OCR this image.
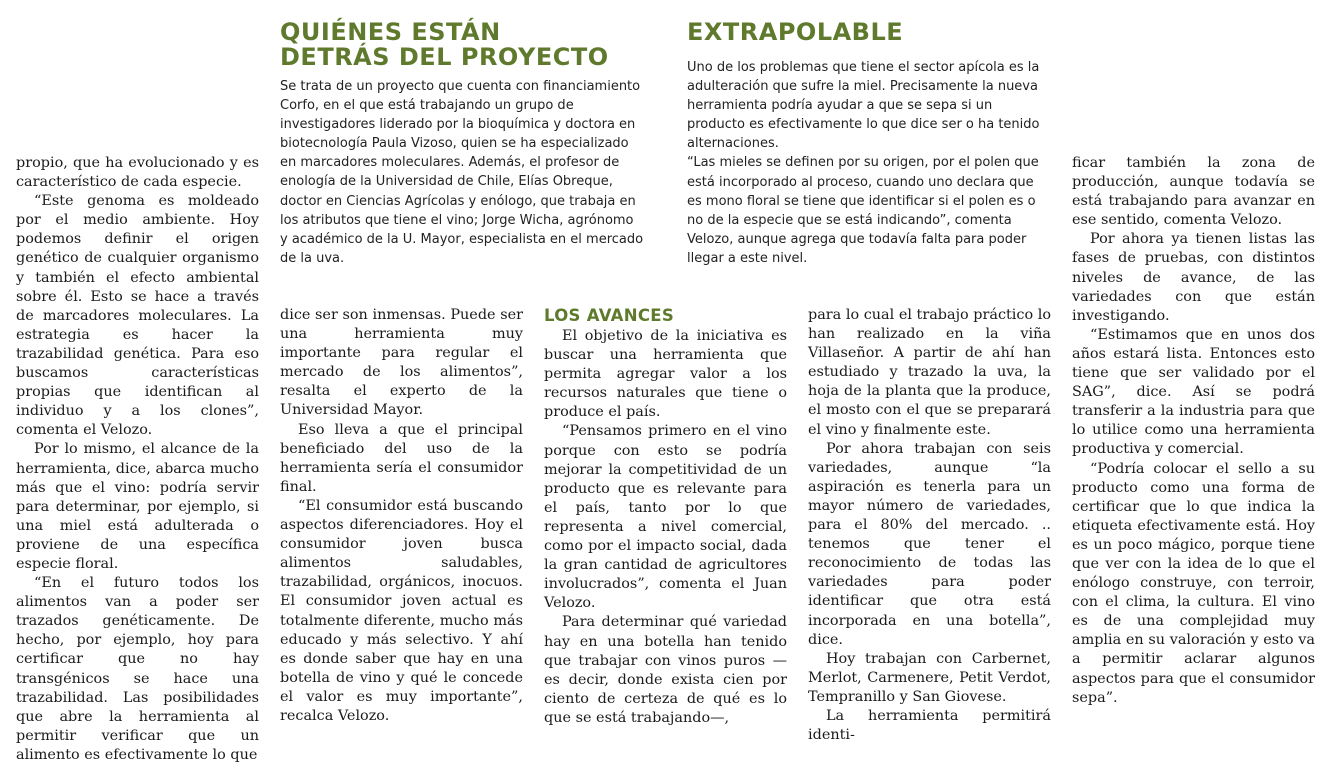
QUIÉNES ESTÁN
DETRÁS DEL PROYECTO

Se trata de un proyecto que cuenta con financiamiento Corfo, en el que está trabajando un grupo de investigadores liderado por la bioquímica y doctora en biotecnología Paula Vizoso, quien se ha especializado en marcadores moleculares. Además, el profesor de enología de la Universidad de Chile, Elías Obreque, doctor en Ciencias Agrícolas y enólogo, que trabaja en los atributos que tiene el vino; Jorge Wicha, agrónomo y académico de la U. Mayor, especialista en el mercado de la uva.

EXTRAPOLABLE

Uno de los problemas que tiene el sector apícola es la adulteración que sufre la miel. Precisamente la nueva herramienta podría ayudar a que se sepa si un producto es efectivamente lo que dice ser o ha tenido alternaciones.

“Las mieles se definen por su origen, por el polen que está incorporado al proceso, cuando uno declara que es mono floral se tiene que identificar si el polen es o no de la especie que se está indicando”, comenta Velozo, aunque agrega que todavía falta para poder llegar a este nivel.

propio, que ha evolucionado y es característico de cada especie.

“Este genoma es moldeado por el medio ambiente. Hoy podemos definir el origen genético de cualquier organismo y también el efecto ambiental sobre él. Esto se hace a través de marcadores moleculares. La estrategia es hacer la trazabilidad genética. Para eso buscamos características propias que identifican al individuo y a los clones”, comenta el Velozo.

Por lo mismo, el alcance de la herramienta, dice, abarca mucho más que el vino: podría servir para determinar, por ejemplo, si una miel está adulterada o proviene de una específica especie floral.

“En el futuro todos los alimentos van a poder ser trazados genéticamente. De hecho, por ejemplo, hoy para certificar que no hay transgénicos se hace una trazabilidad. Las posibilidades que abre la herramienta al permitir verificar que un alimento es efectivamente lo que

dice ser son inmensas. Puede ser una herramienta muy importante para regular el mercado de los alimentos”, resalta el experto de la Universidad Mayor.

Eso lleva a que el principal beneficiado del uso de la herramienta sería el consumidor final.

“El consumidor está buscando aspectos diferenciadores. Hoy el consumidor joven busca alimentos saludables, trazabilidad, orgánicos, inocuos. El consumidor joven actual es totalmente diferente, mucho más educado y más selectivo. Y ahí es donde saber que hay en una botella de vino y qué le concede el valor es muy importante”, recalca Velozo.

LOS AVANCES

El objetivo de la iniciativa es buscar una herramienta que permita agregar valor a los recursos naturales que tiene o produce el país.

“Pensamos primero en el vino porque con esto se podría mejorar la competitividad de un producto que es relevante para el país, tanto por lo que representa a nivel comercial, como por el impacto social, dada la gran cantidad de agricultores involucrados”, comenta el Juan Velozo.

Para determinar qué variedad hay en una botella han tenido que trabajar con vinos puros —es decir, donde exista cien por ciento de certeza de qué es lo que se está trabajando—,

para lo cual el trabajo práctico lo han realizado en la viña Villaseñor. A partir de ahí han estudiado y trazado la uva, la hoja de la planta que la produce, el mosto con el que se preparará el vino y finalmente este.

Por ahora trabajan con seis variedades, aunque “la aspiración es tenerla para un mayor número de variedades, para el 80% del mercado. .. tenemos que tener el reconocimiento de todas las variedades para poder identificar que otra está incorporada en una botella”, dice.

Hoy trabajan con Carbernet, Merlot, Carmenere, Petit Verdot, Tempranillo y San Giovese.

La herramienta permitirá identi-

ficar también la zona de producción, aunque todavía se está trabajando para avanzar en ese sentido, comenta Velozo.

Por ahora ya tienen listas las fases de pruebas, con distintos niveles de avance, de las variedades con que están investigando.

“Estimamos que en unos dos años estará lista. Entonces esto tiene que ser validado por el SAG”, dice. Así se podrá transferir a la industria para que lo utilice como una herramienta productiva y comercial.

“Podría colocar el sello a su producto como una forma de certificar que lo que indica la etiqueta efectivamente está. Hoy es un poco mágico, porque tiene que ver con la idea de lo que el enólogo construye, con terroir, con el clima, la cultura. El vino es de una complejidad muy amplia en su valoración y esto va a permitir aclarar algunos aspectos para que el consumidor sepa”.
